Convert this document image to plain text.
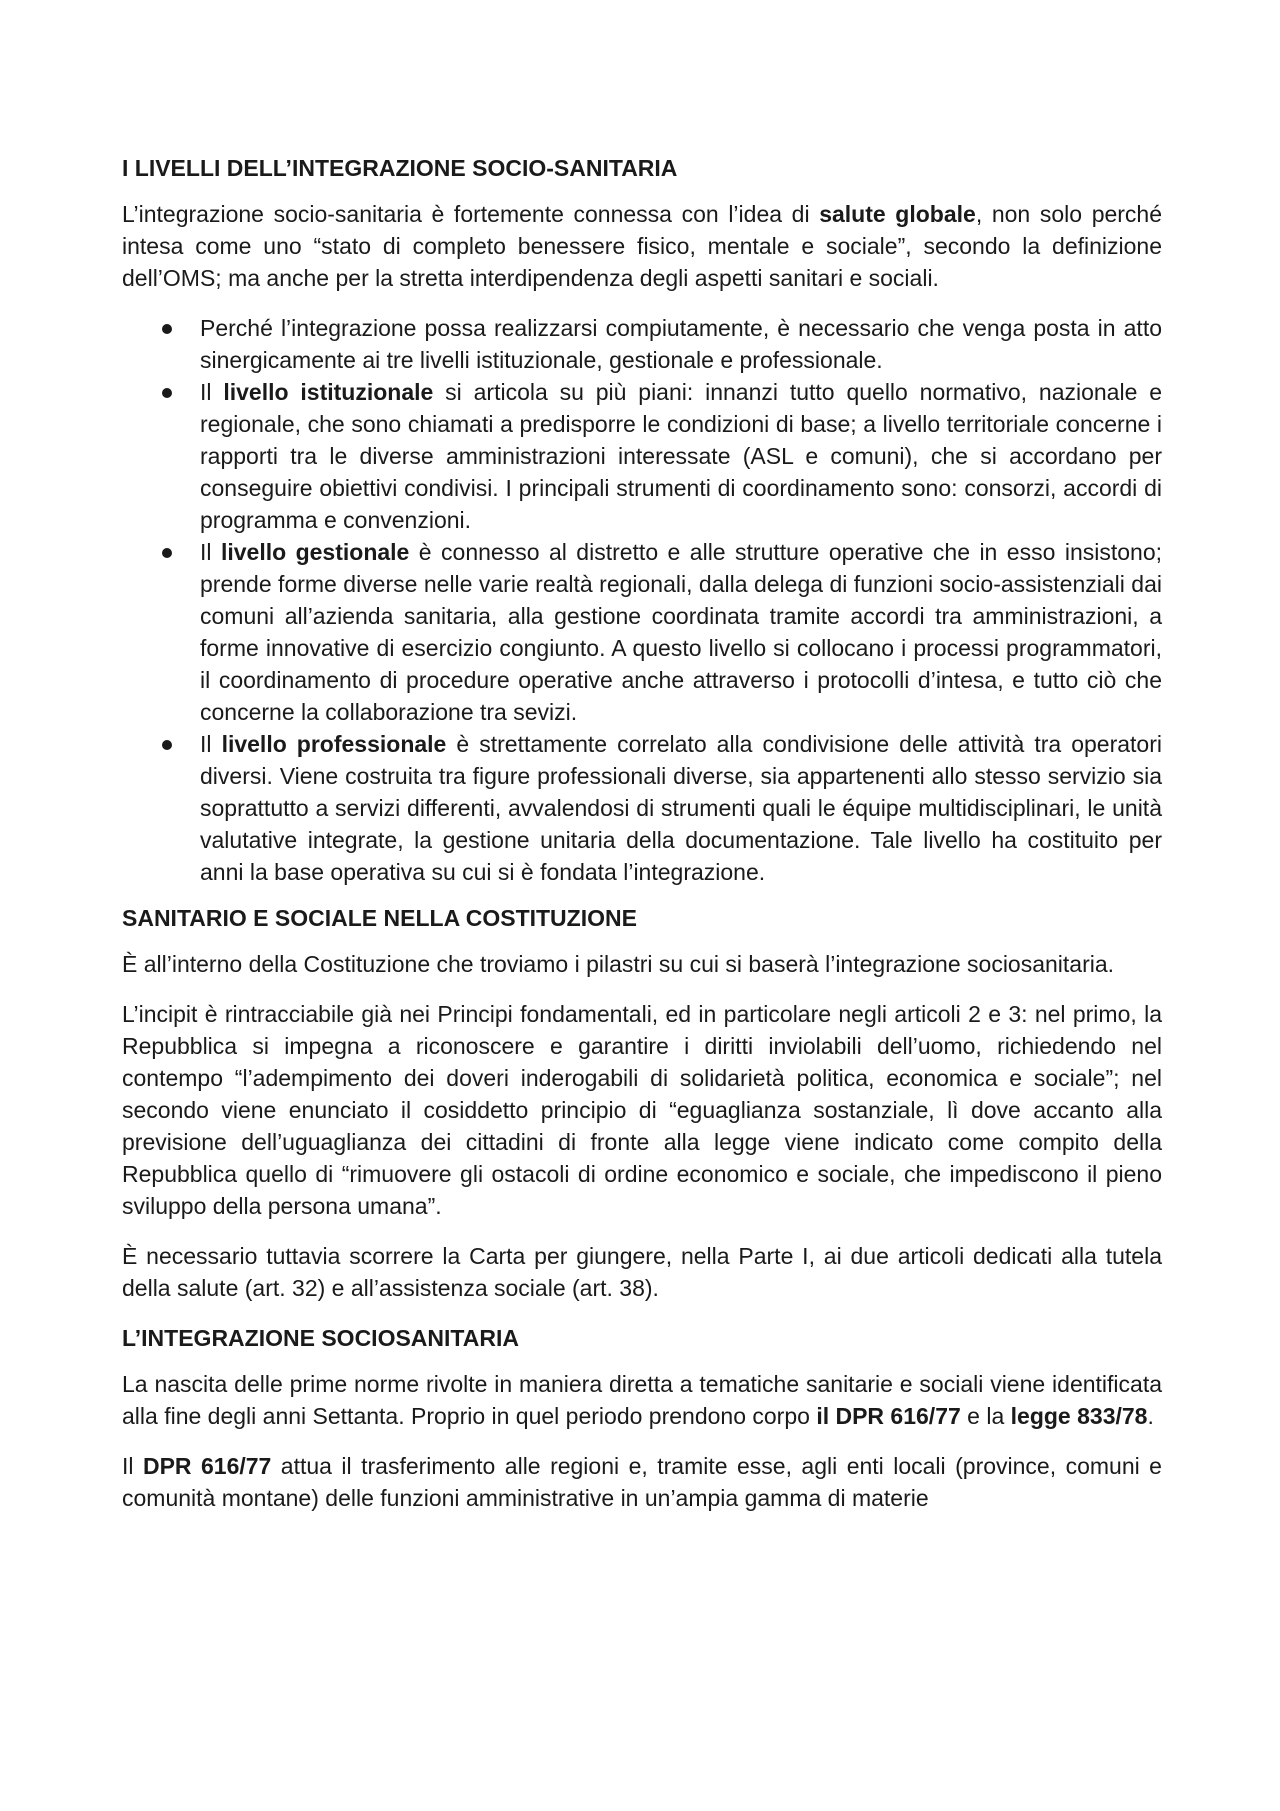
I LIVELLI DELL’INTEGRAZIONE SOCIO-SANITARIA

L’integrazione socio-sanitaria è fortemente connessa con l’idea di salute globale, non solo perché intesa come uno “stato di completo benessere fisico, mentale e sociale”, secondo la definizione dell’OMS; ma anche per la stretta interdipendenza degli aspetti sanitari e sociali.

Perché l’integrazione possa realizzarsi compiutamente, è necessario che venga posta in atto sinergicamente ai tre livelli istituzionale, gestionale e professionale.
Il livello istituzionale si articola su più piani: innanzi tutto quello normativo, nazionale e regionale, che sono chiamati a predisporre le condizioni di base; a livello territoriale concerne i rapporti tra le diverse amministrazioni interessate (ASL e comuni), che si accordano per conseguire obiettivi condivisi. I principali strumenti di coordinamento sono: consorzi, accordi di programma e convenzioni.
Il livello gestionale è connesso al distretto e alle strutture operative che in esso insistono; prende forme diverse nelle varie realtà regionali, dalla delega di funzioni socio-assistenziali dai comuni all’azienda sanitaria, alla gestione coordinata tramite accordi tra amministrazioni, a forme innovative di esercizio congiunto. A questo livello si collocano i processi programmatori, il coordinamento di procedure operative anche attraverso i protocolli d’intesa, e tutto ciò che concerne la collaborazione tra sevizi.
Il livello professionale è strettamente correlato alla condivisione delle attività tra operatori diversi. Viene costruita tra figure professionali diverse, sia appartenenti allo stesso servizio sia soprattutto a servizi differenti, avvalendosi di strumenti quali le équipe multidisciplinari, le unità valutative integrate, la gestione unitaria della documentazione. Tale livello ha costituito per anni la base operativa su cui si è fondata l’integrazione.
SANITARIO E SOCIALE NELLA COSTITUZIONE

È all’interno della Costituzione che troviamo i pilastri su cui si baserà l’integrazione sociosanitaria.

L’incipit è rintracciabile già nei Principi fondamentali, ed in particolare negli articoli 2 e 3: nel primo, la Repubblica si impegna a riconoscere e garantire i diritti inviolabili dell’uomo, richiedendo nel contempo “l’adempimento dei doveri inderogabili di solidarietà politica, economica e sociale”; nel secondo viene enunciato il cosiddetto principio di “eguaglianza sostanziale, lì dove accanto alla previsione dell’uguaglianza dei cittadini di fronte alla legge viene indicato come compito della Repubblica quello di “rimuovere gli ostacoli di ordine economico e sociale, che impediscono il pieno sviluppo della persona umana”.

È necessario tuttavia scorrere la Carta per giungere, nella Parte I, ai due articoli dedicati alla tutela della salute (art. 32) e all’assistenza sociale (art. 38).

L’INTEGRAZIONE SOCIOSANITARIA

La nascita delle prime norme rivolte in maniera diretta a tematiche sanitarie e sociali viene identificata alla fine degli anni Settanta. Proprio in quel periodo prendono corpo il DPR 616/77 e la legge 833/78.

Il DPR 616/77 attua il trasferimento alle regioni e, tramite esse, agli enti locali (province, comuni e comunità montane) delle funzioni amministrative in un’ampia gamma di materie
